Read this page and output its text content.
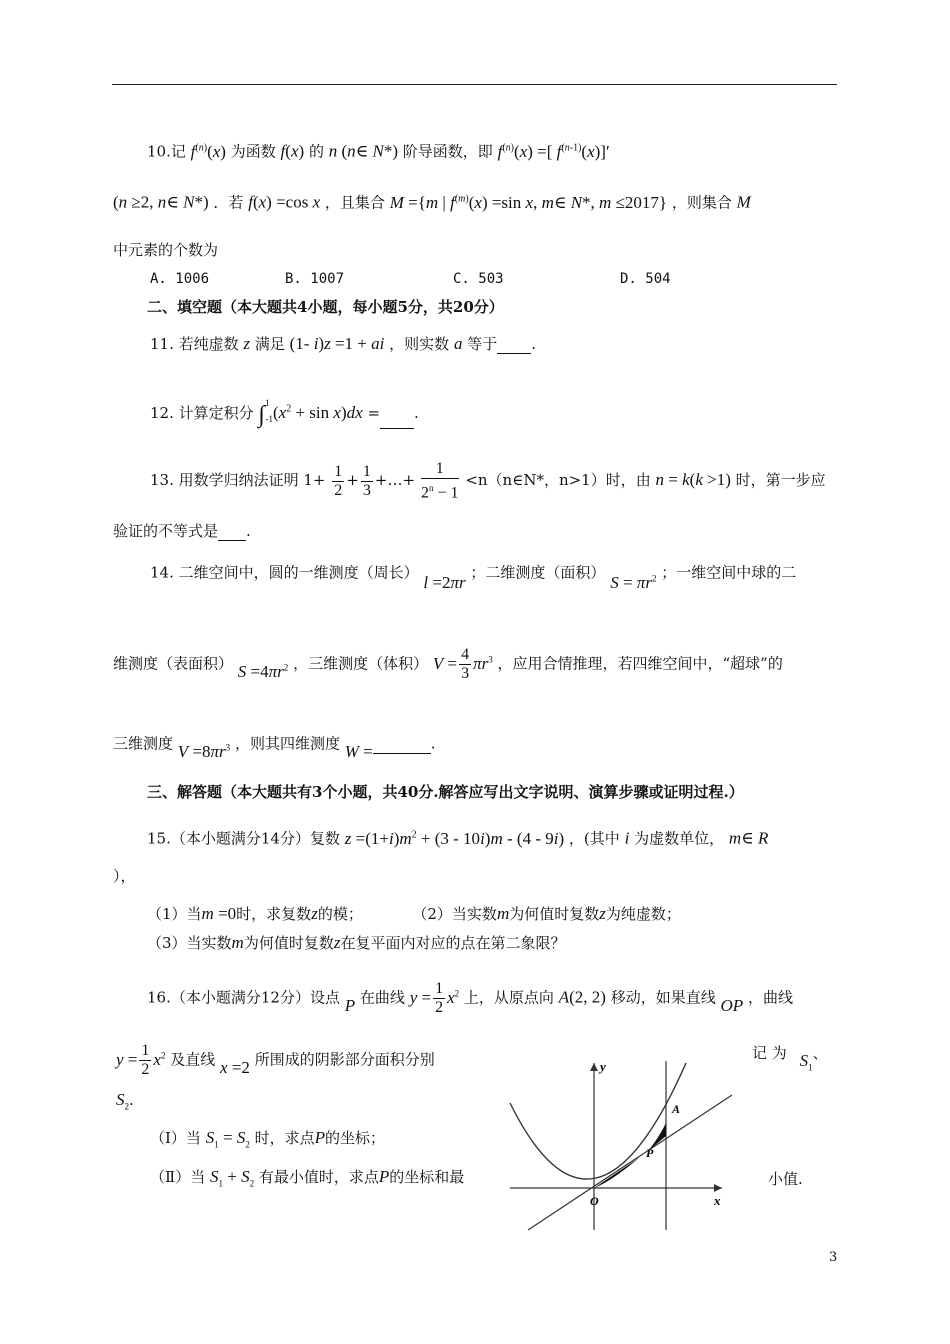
10.记 $f^{(n)}(x)$ 为函数 f(x) 的 n (n∈ N*) 阶导函数，即 $f^{(n)}(x)$ =[ $f^{(n-1)}(x)]'$
(n ≥2, n∈ N*) ．若 f(x) =cos x ，且集合 M ={m | $f^{(m)}(x) =\sin$ x, m∈ N*, m ≤2017} ，则集合 M
中元素的个数为
A. 1006	B. 1007	C. 503	D. 504
二、填空题（本大题共4小题，每小题5分，共20分）
11. 若纯虚数 z 满足 (1- i)z =1 + ai ，则实数 a 等于 .
12. 计算定积分 $\int^1_{-1}(x^2 + \sin x)dx$ = .
13. 用数学归纳法证明 $1+ \frac{1}{2} + \frac{1}{3}$ +…+ $\frac{1}{2^n - 1}$ <n（n∈N*，n>1）时，由 n = k(k >1) 时，第一步应
验证的不等式是 .
14. 二维空间中，圆的一维测度（周长） l =2πr ；二维测度（面积） $S = \pi r^2$ ；一维空间中球的二
维测度（表面积） $S =4\pi r^2$ ，三维测度（体积） $V = \frac{4}{3} \pi r^3$ ，应用合情推理，若四维空间中，“超球”的
三维测度 $V =8\pi r^3$ ，则其四维测度 W =	.
三、解答题（本大题共有3个小题，共40分.解答应写出文字说明、演算步骤或证明过程.）
15.（本小题满分14分）复数 $z =(1+i)m^2 + (3 - 10i)m - (4 - 9i)$ ，(其中 i 为虚数单位， m∈ R
），
（1）当m =0时，求复数z的模；	（2）当实数m为何值时复数z为纯虚数；
（3）当实数m为何值时复数z在复平面内对应的点在第二象限？
16.（本小题满分12分）设点 P 在曲线 $y = \frac{1}{2} x^2$ 上，从原点向 A(2, 2) 移动，如果直线 OP ，曲线
$y = \frac{1}{2} x^2$ 及直线 x =2 所围成的阴影部分面积分别	记 为 $S_1$、
$S_2$.
（Ⅰ）当 $S_1 = S_2$ 时，求点P的坐标；
（Ⅱ）当 $S_1 + S_2$ 有最小值时，求点P的坐标和最	小值.
y
x
O
A
P
3
